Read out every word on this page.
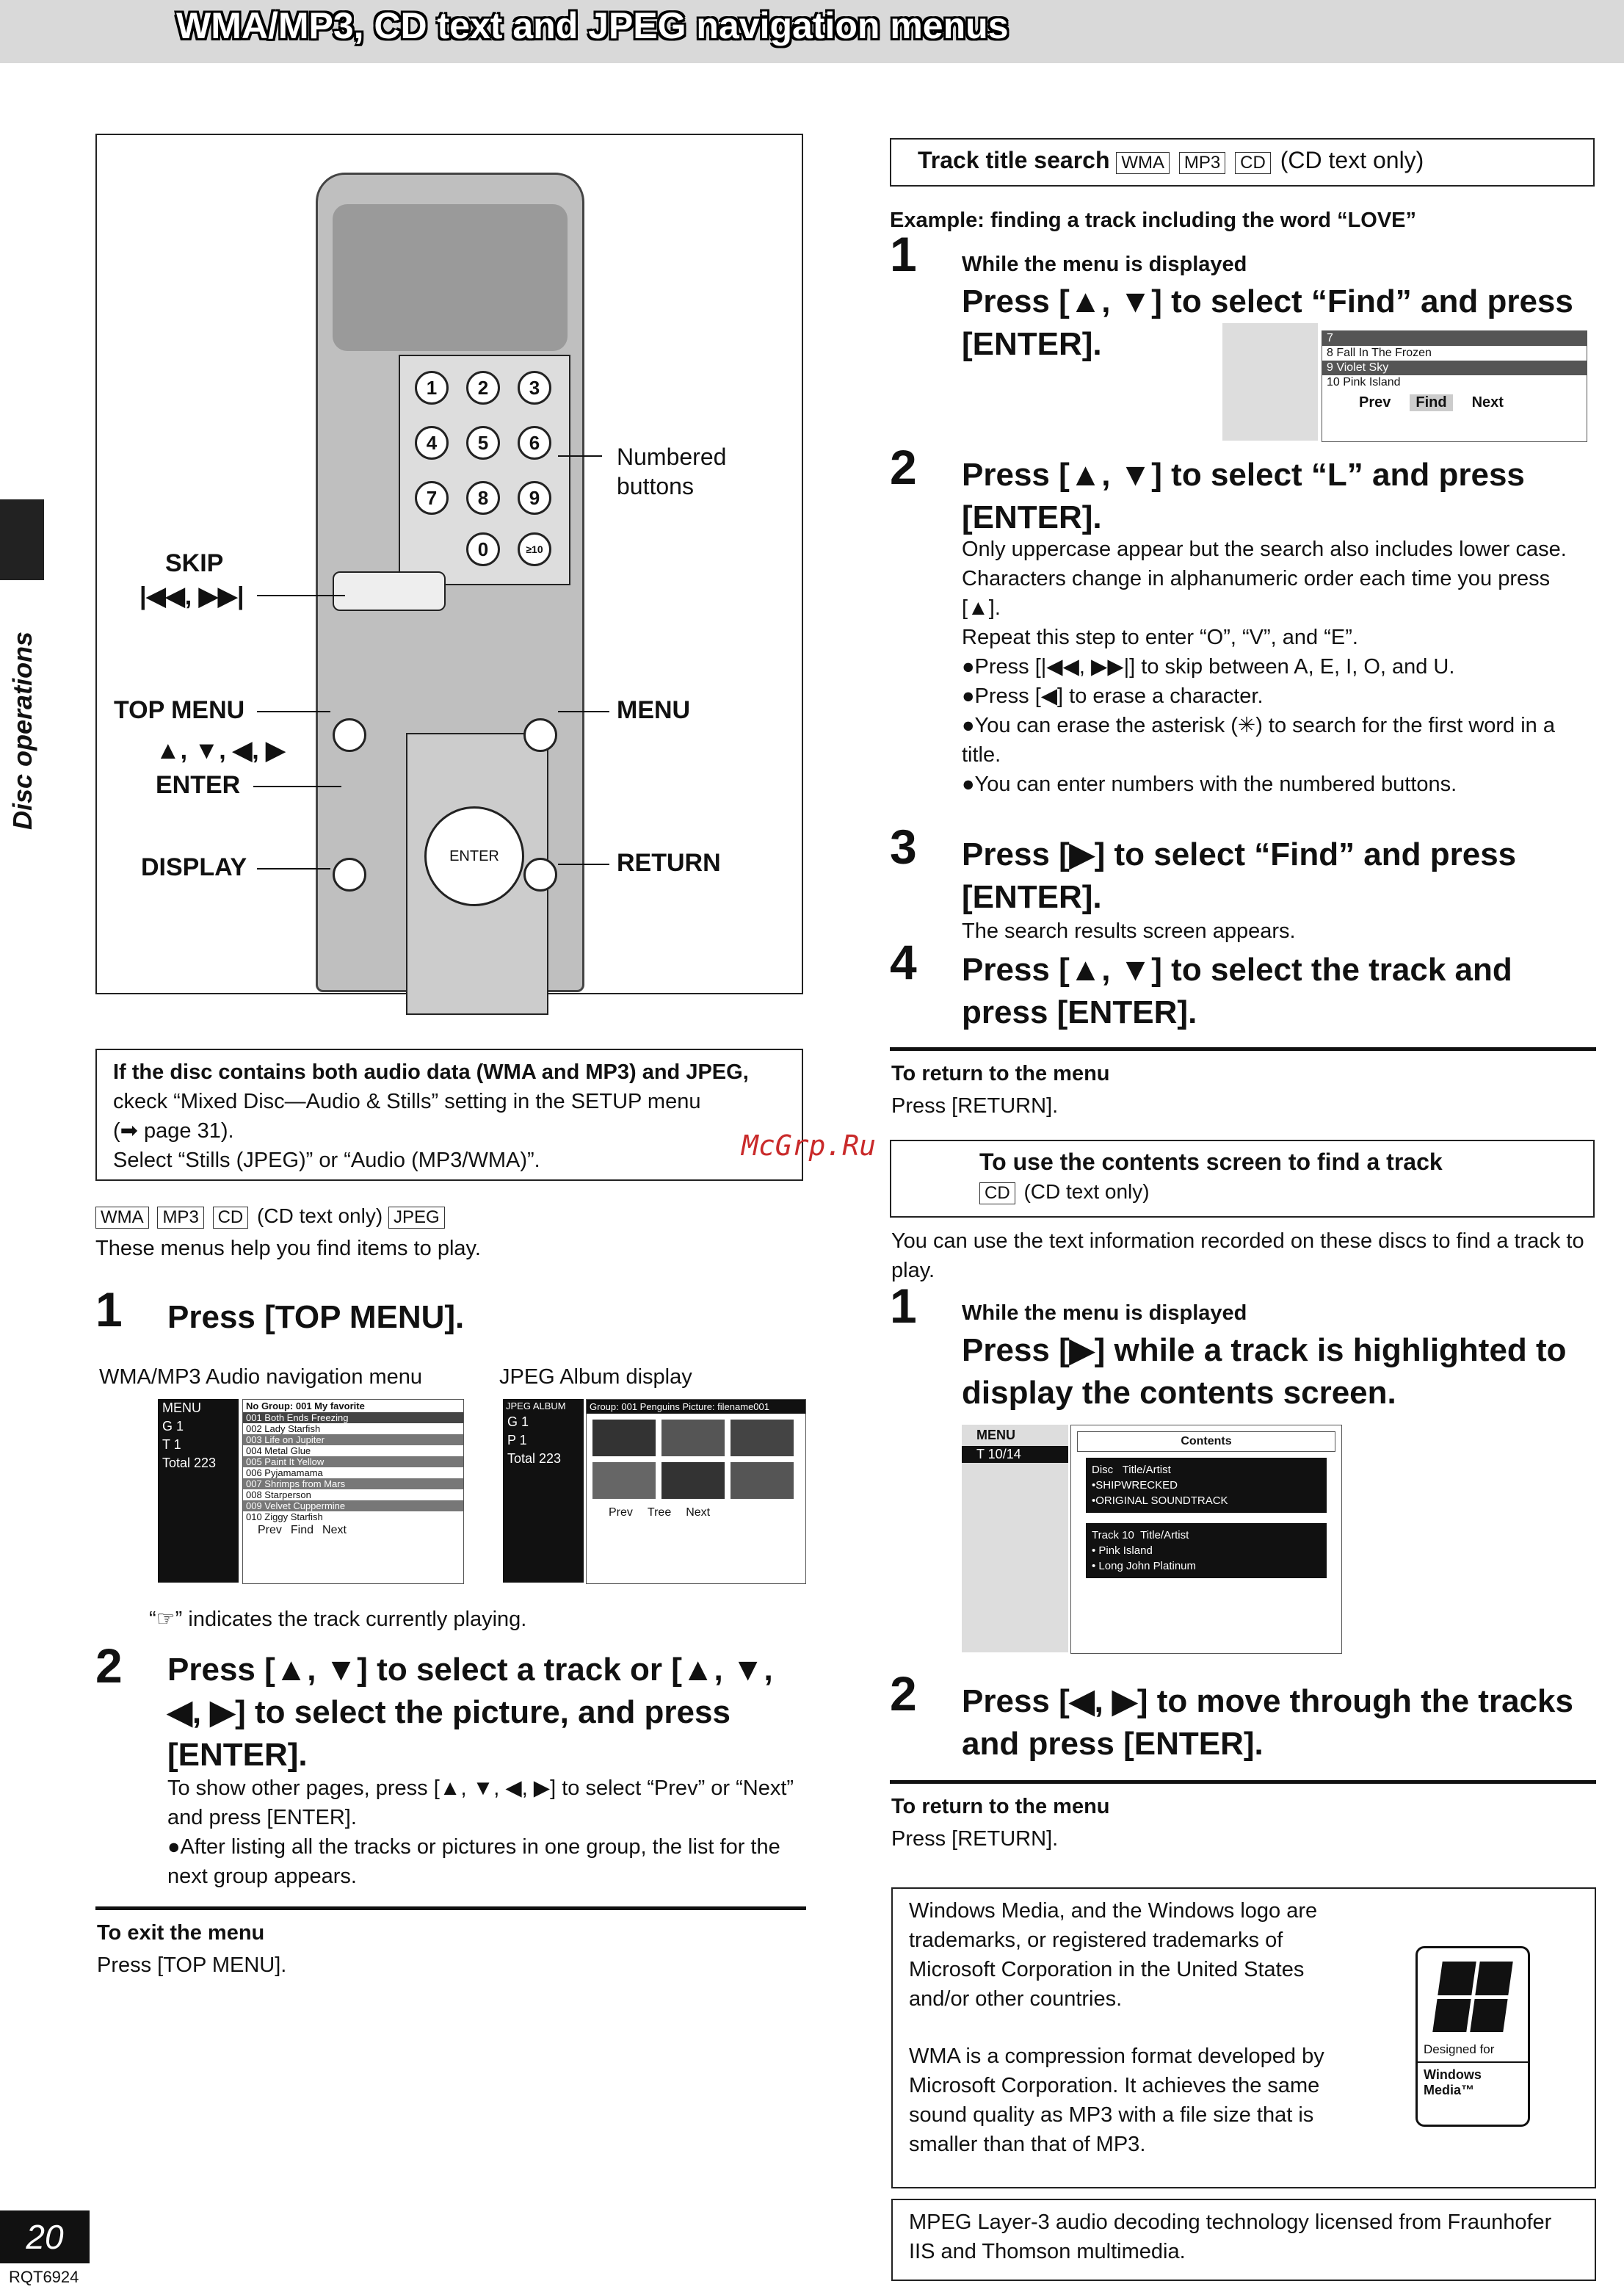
WMA/MP3, CD text and JPEG navigation menus
Disc operations
1	2	3
4	5	6
7	8	9
0	≥10
ENTER
Numbered buttons
SKIP
|◀◀, ▶▶|
TOP MENU
▲, ▼, ◀, ▶
ENTER
DISPLAY
MENU
RETURN

If the disc contains both audio data (WMA and MP3) and JPEG,

ckeck “Mixed Disc—Audio & Stills” setting in the SETUP menu

(➡ page 31).

Select “Stills (JPEG)” or “Audio (MP3/WMA)”.

WMA MP3 CD (CD text only) JPEG
These menus help you find items to play.
1 Press [TOP MENU].
WMA/MP3 Audio navigation menu	JPEG Album display
MENU
G 1
T 1
Total 223
No Group: 001 My favorite
001 Both Ends Freezing
002 Lady Starfish
003 Life on Jupiter
004 Metal Glue
005 Paint It Yellow
006 Pyjamamama
007 Shrimps from Mars
008 Starperson
009 Velvet Cuppermine
010 Ziggy Starfish
Prev Find Next
JPEG ALBUM
G 1
P 1
Total 223
Group: 001 Penguins Picture: filename001
Prev Tree Next
“☞” indicates the track currently playing.
2 Press [▲, ▼] to select a track or [▲, ▼, ◀, ▶] to select the picture, and press [ENTER].
To show other pages, press [▲, ▼, ◀, ▶] to select “Prev” or “Next” and press [ENTER].
●After listing all the tracks or pictures in one group, the list for the next group appears.
To exit the menu
Press [TOP MENU].
Track title search WMA MP3 CD (CD text only)
Example: finding a track including the word “LOVE”
1 While the menu is displayed
Press [▲, ▼] to select “Find” and press [ENTER].	7
8 Fall In The Frozen
9 Violet Sky
10 Pink Island
Prev	Find	Next
2 Press [▲, ▼] to select “L” and press [ENTER].

Only uppercase appear but the search also includes lower case.

Characters change in alphanumeric order each time you press [▲].

Repeat this step to enter “O”, “V”, and “E”.

●Press [|◀◀, ▶▶|] to skip between A, E, I, O, and U.

●Press [◀] to erase a character.

●You can erase the asterisk (✳) to search for the first word in a title.

●You can enter numbers with the numbered buttons.

3 Press [▶] to select “Find” and press [ENTER].
The search results screen appears.
4 Press [▲, ▼] to select the track and press [ENTER].
To return to the menu
Press [RETURN].
McGrp.Ru	To use the contents screen to find a track
CD (CD text only)
You can use the text information recorded on these discs to find a track to play.
1 While the menu is displayed
Press [▶] while a track is highlighted to display the contents screen.
MENU
T 10/14
Contents
Disc Title/Artist
•SHIPWRECKED
•ORIGINAL SOUNDTRACK
Track 10 Title/Artist
• Pink Island
• Long John Platinum
2 Press [◀, ▶] to move through the tracks and press [ENTER].
To return to the menu
Press [RETURN].
Windows Media, and the Windows logo are trademarks, or registered trademarks of Microsoft Corporation in the United States and/or other countries.
WMA is a compression format developed by Microsoft Corporation. It achieves the same sound quality as MP3 with a file size that is smaller than that of MP3.
Designed for
Windows Media™
MPEG Layer-3 audio decoding technology licensed from Fraunhofer IIS and Thomson multimedia.
20
RQT6924
